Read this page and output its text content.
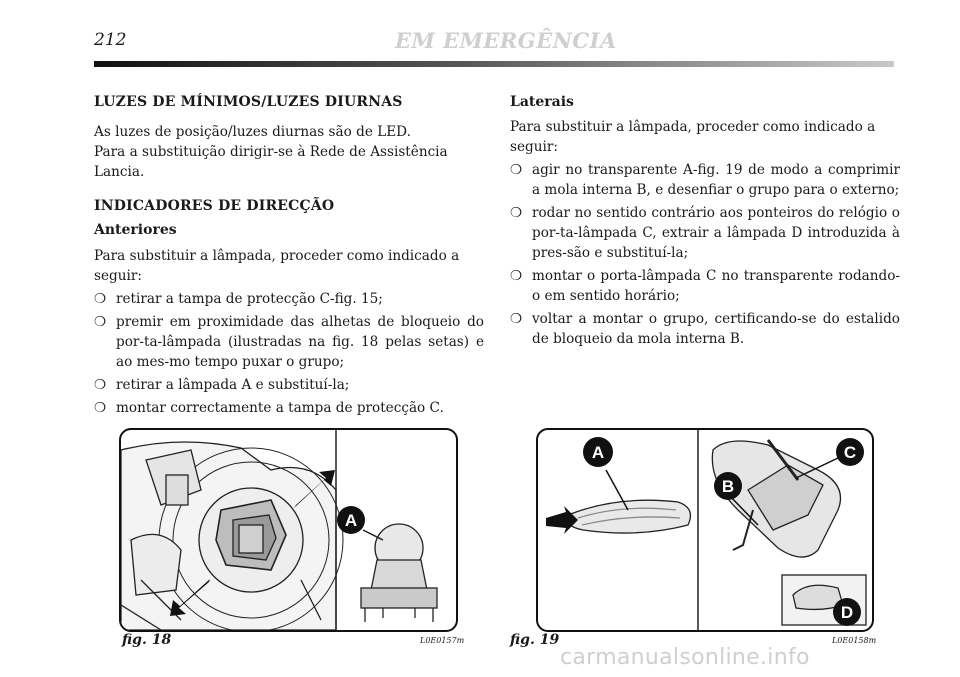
212	EM EMERGÊNCIA

LUZES DE MÍNIMOS/LUZES DIURNAS

As luzes de posição/luzes diurnas são de LED.

Para a substituição dirigir-se à Rede de Assistência Lancia.

INDICADORES DE DIRECÇÃO

Anteriores

Para substituir a lâmpada, proceder como indicado a seguir:

❍ retirar a tampa de protecção C-fig. 15;

❍ premir em proximidade das alhetas de bloqueio do por-ta-lâmpada (ilustradas na fig. 18 pelas setas) e ao mes-mo tempo puxar o grupo;

❍ retirar a lâmpada A e substituí-la;

❍ montar correctamente a tampa de protecção C.

Laterais

Para substituir a lâmpada, proceder como indicado a seguir:

❍ agir no transparente A-fig. 19 de modo a comprimir a mola interna B, e desenfiar o grupo para o externo;

❍ rodar no sentido contrário aos ponteiros do relógio o por-ta-lâmpada C, extrair a lâmpada D introduzida à pres-são e substituí-la;

❍ montar o porta-lâmpada C no transparente rodando-o em sentido horário;

❍ voltar a montar o grupo, certificando-se do estalido de bloqueio da mola interna B.

A
fig. 18	L0E0157m
A
B
C
D
fig. 19	L0E0158m
carmanualsonline.info
